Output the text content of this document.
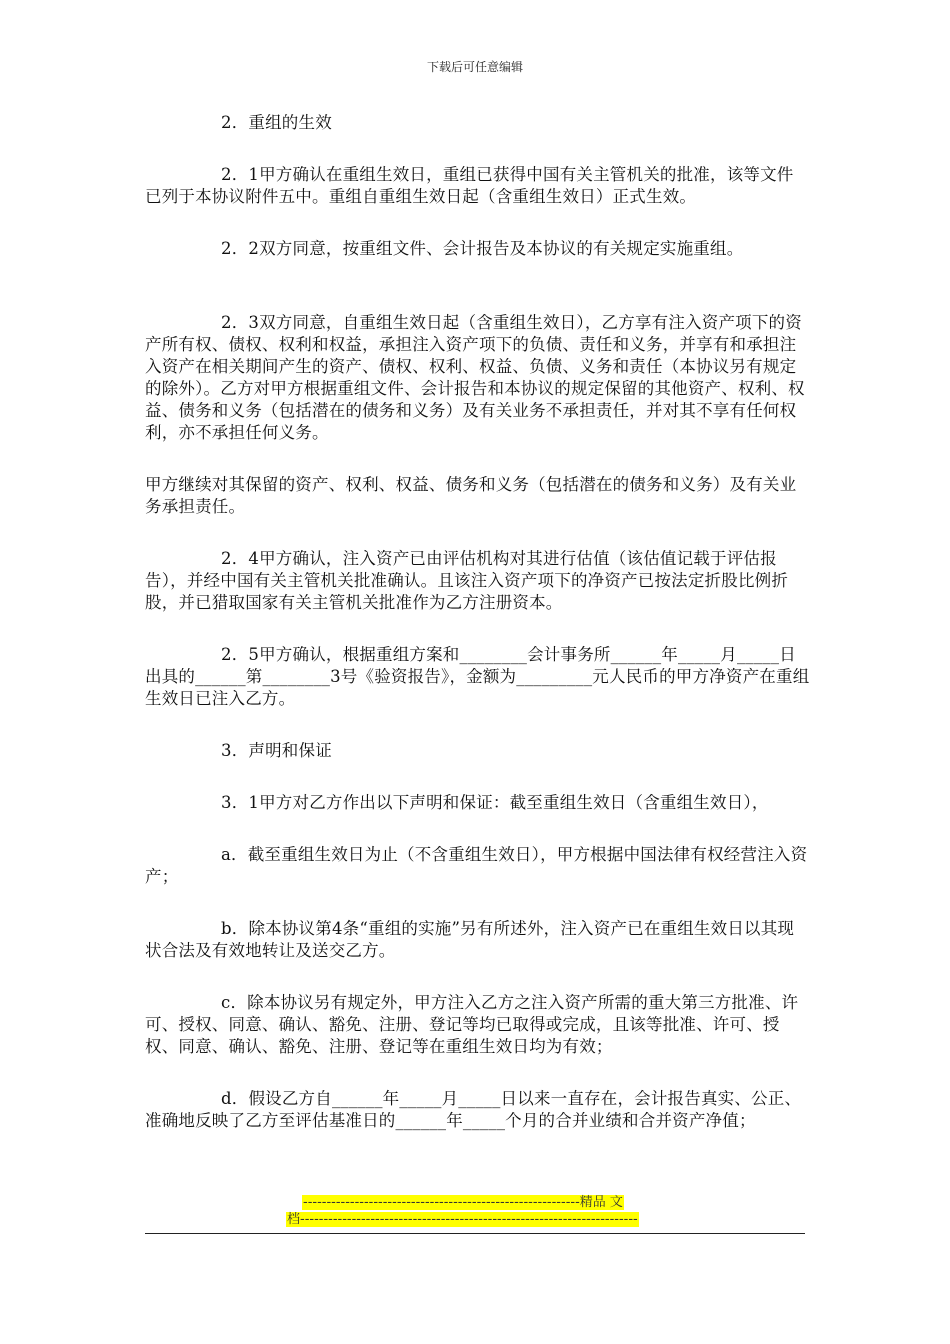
下载后可任意编辑

2．重组的生效

2．1甲方确认在重组生效日，重组已获得中国有关主管机关的批准，该等文件已列于本协议附件五中。重组自重组生效日起（含重组生效日）正式生效。

2．2双方同意，按重组文件、会计报告及本协议的有关规定实施重组。

2．3双方同意，自重组生效日起（含重组生效日），乙方享有注入资产项下的资产所有权、债权、权利和权益，承担注入资产项下的负债、责任和义务，并享有和承担注入资产在相关期间产生的资产、债权、权利、权益、负债、义务和责任（本协议另有规定的除外）。乙方对甲方根据重组文件、会计报告和本协议的规定保留的其他资产、权利、权益、债务和义务（包括潜在的债务和义务）及有关业务不承担责任，并对其不享有任何权利，亦不承担任何义务。

甲方继续对其保留的资产、权利、权益、债务和义务（包括潜在的债务和义务）及有关业务承担责任。

2．4甲方确认，注入资产已由评估机构对其进行估值（该估值记载于评估报告），并经中国有关主管机关批准确认。且该注入资产项下的净资产已按法定折股比例折股，并已猎取国家有关主管机关批准作为乙方注册资本。

2．5甲方确认，根据重组方案和________会计事务所______年_____月_____日出具的______第________3号《验资报告》，金额为_________元人民币的甲方净资产在重组生效日已注入乙方。

3．声明和保证

3．1甲方对乙方作出以下声明和保证：截至重组生效日（含重组生效日），

a．截至重组生效日为止（不含重组生效日），甲方根据中国法律有权经营注入资产；

b．除本协议第4条“重组的实施”另有所述外，注入资产已在重组生效日以其现状合法及有效地转让及送交乙方。

c．除本协议另有规定外，甲方注入乙方之注入资产所需的重大第三方批准、许可、授权、同意、确认、豁免、注册、登记等均已取得或完成，且该等批准、许可、授权、同意、确认、豁免、注册、登记等在重组生效日均为有效；

d．假设乙方自______年_____月_____日以来一直存在，会计报告真实、公正、准确地反映了乙方至评估基准日的______年_____个月的合并业绩和合并资产净值；

-----------------------------------------------------------精品 文
档------------------------------------------------------------------------
